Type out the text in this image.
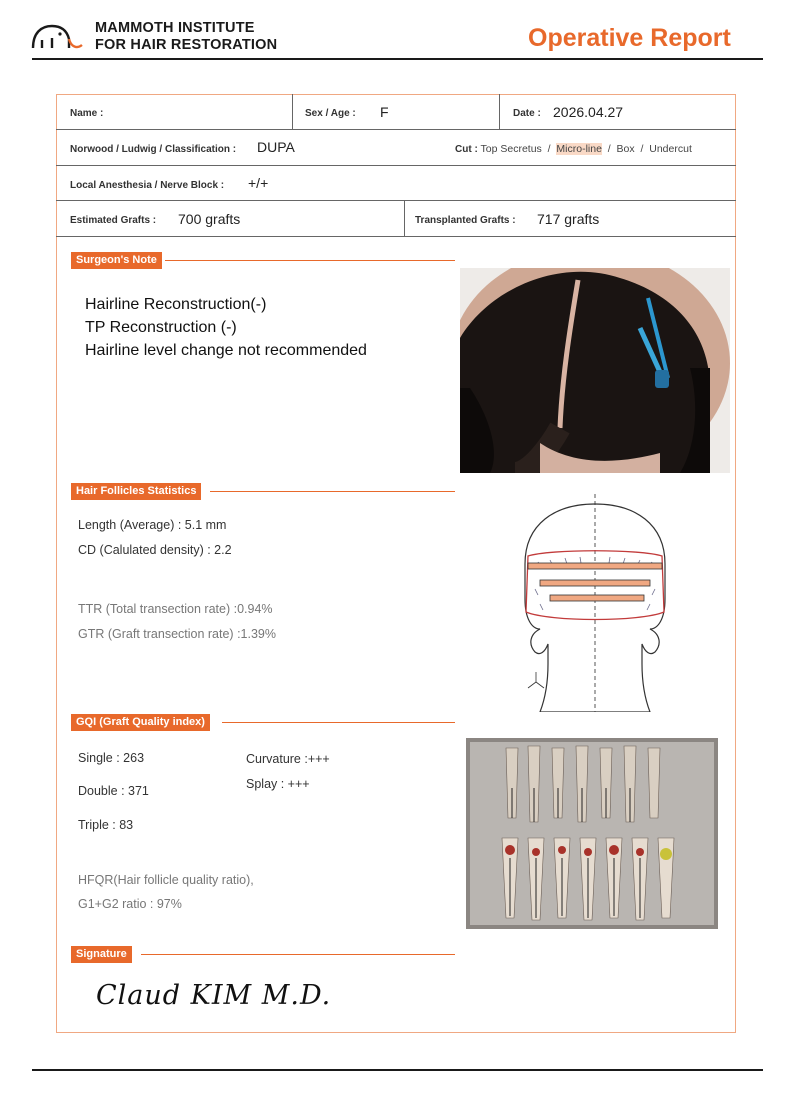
MAMMOTH INSTITUTE
FOR HAIR RESTORATION	Operative Report
Name :	Sex / Age : F	Date : 2026.04.27
Norwood / Ludwig / Classification : DUPA	Cut : Top Secretus  /  Micro-line  /  Box  /  Undercut
Local Anesthesia / Nerve Block : +/+
Estimated Grafts : 700 grafts	Transplanted Grafts : 717 grafts
Surgeon's Note
Hairline Reconstruction(-)
TP Reconstruction (-)
Hairline level change not recommended
Hair Follicles Statistics
Length (Average) : 5.1 mm
CD (Calulated density) : 2.2
TTR (Total transection rate) :0.94%
GTR (Graft transection rate) :1.39%
GQI (Graft Quality index)
Single : 263
Double : 371
Triple : 83
Curvature :+++
Splay : +++
HFQR(Hair follicle quality ratio),
G1+G2 ratio : 97%
Signature
Claud KIM M.D.
